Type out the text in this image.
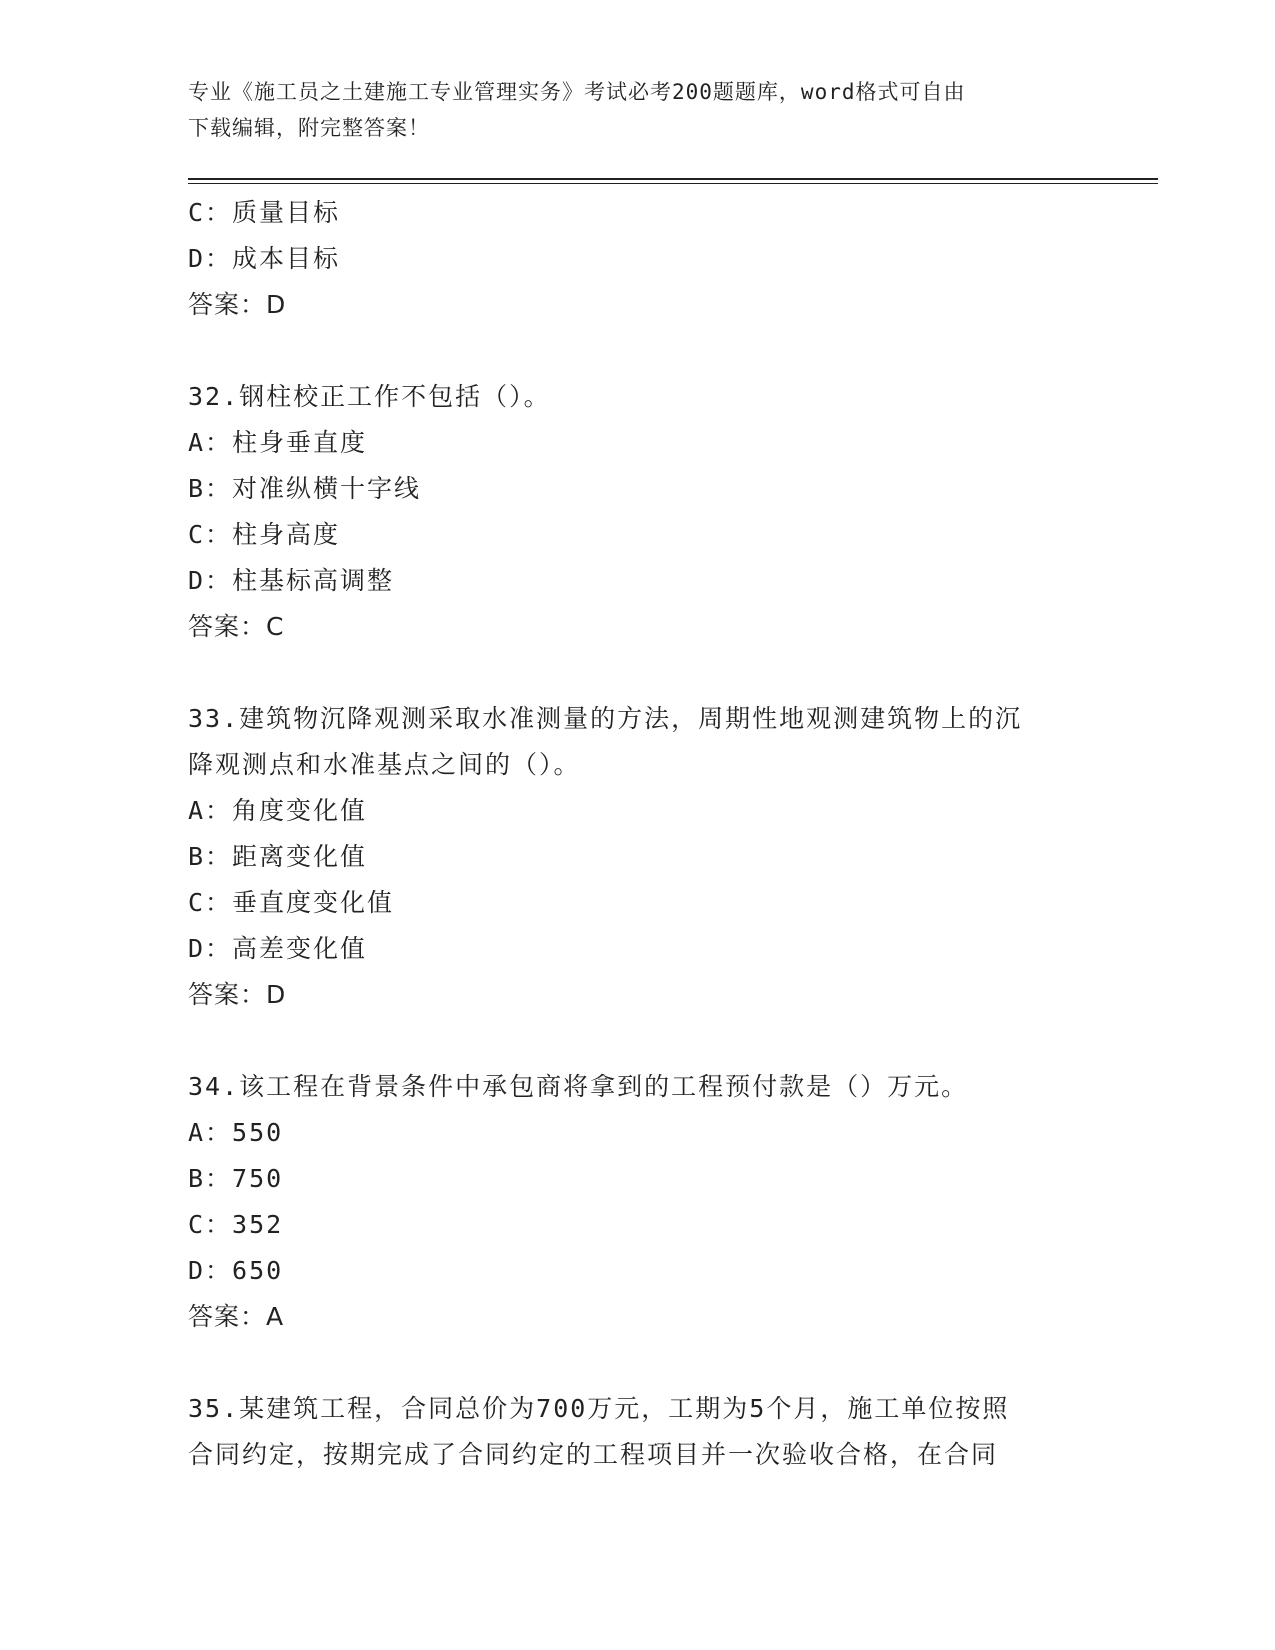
专业《施工员之土建施工专业管理实务》考试必考200题题库，word格式可自由
下载编辑，附完整答案！
C：质量目标
D：成本目标
答案：D
32.钢柱校正工作不包括（）。
A：柱身垂直度
B：对准纵横十字线
C：柱身高度
D：柱基标高调整
答案：C
33.建筑物沉降观测采取水准测量的方法，周期性地观测建筑物上的沉
降观测点和水准基点之间的（）。
A：角度变化值
B：距离变化值
C：垂直度变化值
D：高差变化值
答案：D
34.该工程在背景条件中承包商将拿到的工程预付款是（）万元。
A：550
B：750
C：352
D：650
答案：A
35.某建筑工程，合同总价为700万元，工期为5个月，施工单位按照
合同约定，按期完成了合同约定的工程项目并一次验收合格，在合同
